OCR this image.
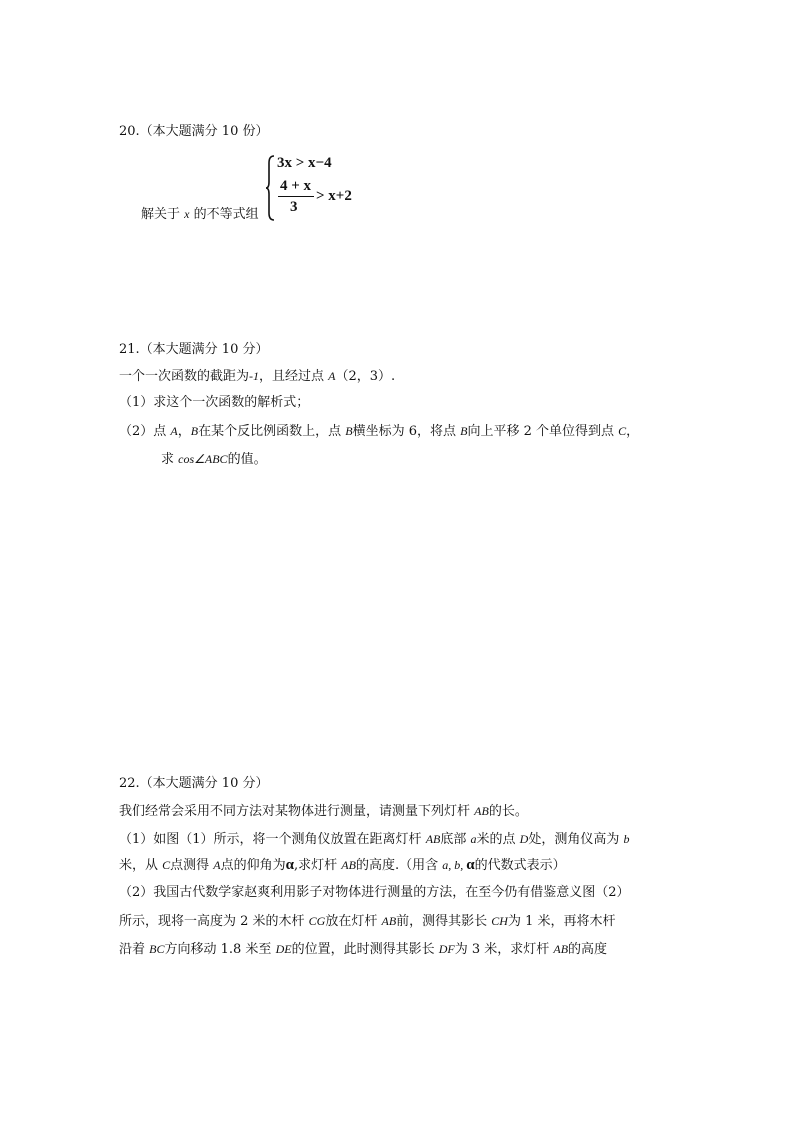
20.（本大题满分 10 份）
解关于 x 的不等式组
3x > x−4
4 + x
3
> x+2
21.（本大题满分 10 分）
一个一次函数的截距为-1，且经过点 A（2，3）.
（1）求这个一次函数的解析式；
（2）点 A，B在某个反比例函数上，点 B横坐标为 6，将点 B向上平移 2 个单位得到点 C，
求 cos∠ABC的值。
22.（本大题满分 10 分）
我们经常会采用不同方法对某物体进行测量，请测量下列灯杆 AB的长。
（1）如图（1）所示，将一个测角仪放置在距离灯杆 AB底部 a米的点 D处，测角仪高为 b
米，从 C点测得 A点的仰角为α,求灯杆 AB的高度.（用含 a, b, α的代数式表示）
（2）我国古代数学家赵爽利用影子对物体进行测量的方法，在至今仍有借鉴意义图（2）
所示，现将一高度为 2 米的木杆 CG放在灯杆 AB前，测得其影长 CH为 1 米，再将木杆
沿着 BC方向移动 1.8 米至 DE的位置，此时测得其影长 DF为 3 米，求灯杆 AB的高度
